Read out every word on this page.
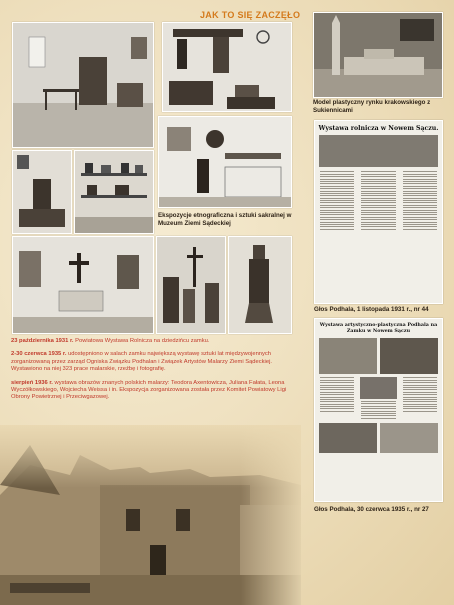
JAK TO SIĘ ZACZĘŁO
Model plastyczny rynku krakowskiego z Sukiennicami
Ekspozycje etnograficzna i sztuki sakralnej w Muzeum Ziemi Sądeckiej

23 października 1931 r. Powiatowa Wystawa Rolnicza na dziedzińcu zamku.

2-30 czerwca 1935 r. udostępniono w salach zamku największą wystawę sztuki lat międzywojennych zorganizowaną przez zarząd Ogniska Związku Podhalan i Związek Artystów Malarzy Ziemi Sądeckiej. Wystawiono na niej 323 prace malarskie, rzeźbę i fotografię.

sierpień 1936 r. wystawa obrazów znanych polskich malarzy: Teodora Axentowicza, Juliana Fałata, Leona Wyczółkowskiego, Wojciecha Weissa i in. Ekspozycja zorganizowana została przez Komitet Powiatowy Ligi Obrony Powietrznej i Przeciwgazowej.

Wystawa rolnicza w Nowem Sączu.
Głos Podhala, 1 listopada 1931 r., nr 44
Wystawa artystyczno-plastyczna Podhala na Zamku w Nowem Sączu
Głos Podhala, 30 czerwca 1935 r., nr 27
